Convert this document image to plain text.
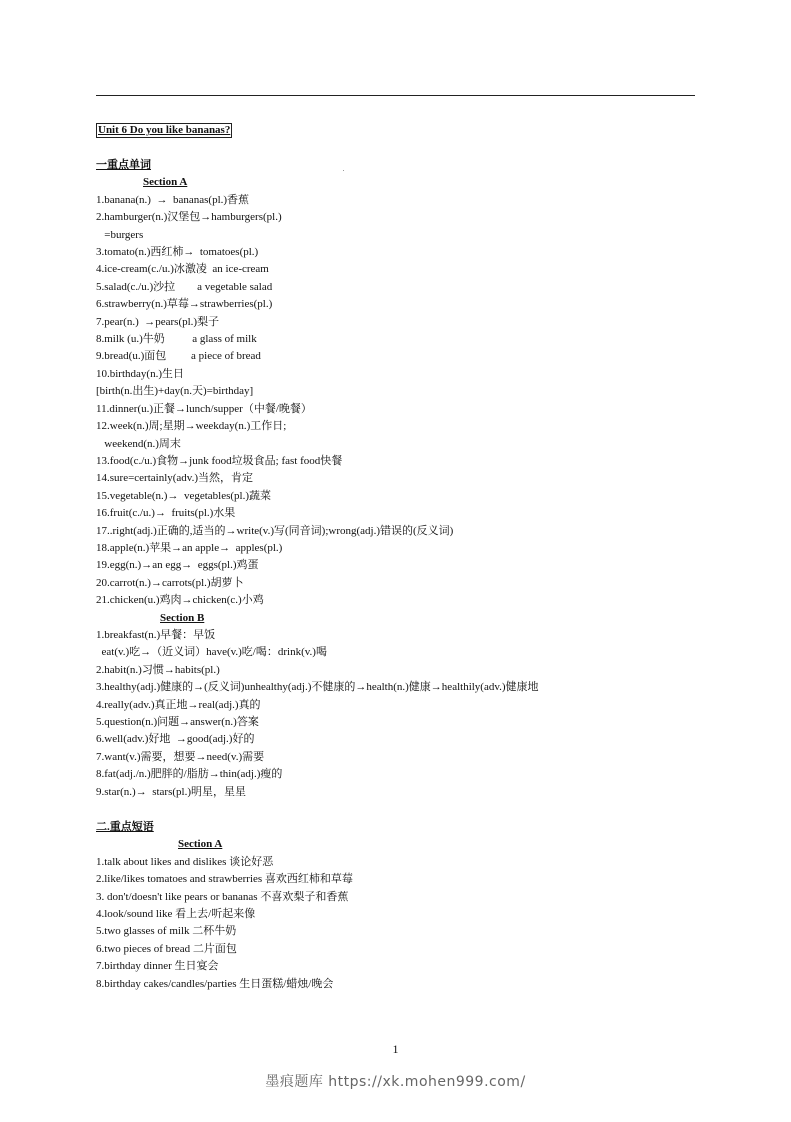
Unit 6 Do you like bananas?
一重点单词
Section A
1.banana(n.)  →  bananas(pl.)香蕉
2.hamburger(n.)汉堡包→hamburgers(pl.)
=burgers
3.tomato(n.)西红柿→  tomatoes(pl.)
4.ice-cream(c./u.)冰激凌  an ice-cream
5.salad(c./u.)沙拉        a vegetable salad
6.strawberry(n.)草莓→strawberries(pl.)
7.pear(n.)  →pears(pl.)梨子
8.milk (u.)牛奶          a glass of milk
9.bread(u.)面包         a piece of bread
10.birthday(n.)生日
[birth(n.出生)+day(n.天)=birthday]
11.dinner(u.)正餐→lunch/supper（中餐/晚餐）
12.week(n.)周;星期→weekday(n.)工作日;
weekend(n.)周末
13.food(c./u.)食物→junk food垃圾食品; fast food快餐
14.sure=certainly(adv.)当然，肯定
15.vegetable(n.)→  vegetables(pl.)蔬菜
16.fruit(c./u.)→  fruits(pl.)水果
17..right(adj.)正确的,适当的→write(v.)写(同音词);wrong(adj.)错误的(反义词)
18.apple(n.)苹果→an apple→  apples(pl.)
19.egg(n.)→an egg→  eggs(pl.)鸡蛋
20.carrot(n.)→carrots(pl.)胡萝卜
21.chicken(u.)鸡肉→chicken(c.)小鸡
Section B
1.breakfast(n.)早餐：早饭
eat(v.)吃→（近义词）have(v.)吃/喝：drink(v.)喝
2.habit(n.)习惯→habits(pl.)
3.healthy(adj.)健康的→(反义词)unhealthy(adj.)不健康的→health(n.)健康→healthily(adv.)健康地
4.really(adv.)真正地→real(adj.)真的
5.question(n.)问题→answer(n.)答案
6.well(adv.)好地  →good(adj.)好的
7.want(v.)需要，想要→need(v.)需要
8.fat(adj./n.)肥胖的/脂肪→thin(adj.)瘦的
9.star(n.)→  stars(pl.)明星，星星
二.重点短语
Section A
1.talk about likes and dislikes 谈论好恶
2.like/likes tomatoes and strawberries 喜欢西红柿和草莓
3. don't/doesn't like pears or bananas 不喜欢梨子和香蕉
4.look/sound like 看上去/听起来像
5.two glasses of milk 二杯牛奶
6.two pieces of bread 二片面包
7.birthday dinner 生日宴会
8.birthday cakes/candles/parties 生日蛋糕/蜡烛/晚会
1
墨痕题库 https://xk.mohen999.com/
